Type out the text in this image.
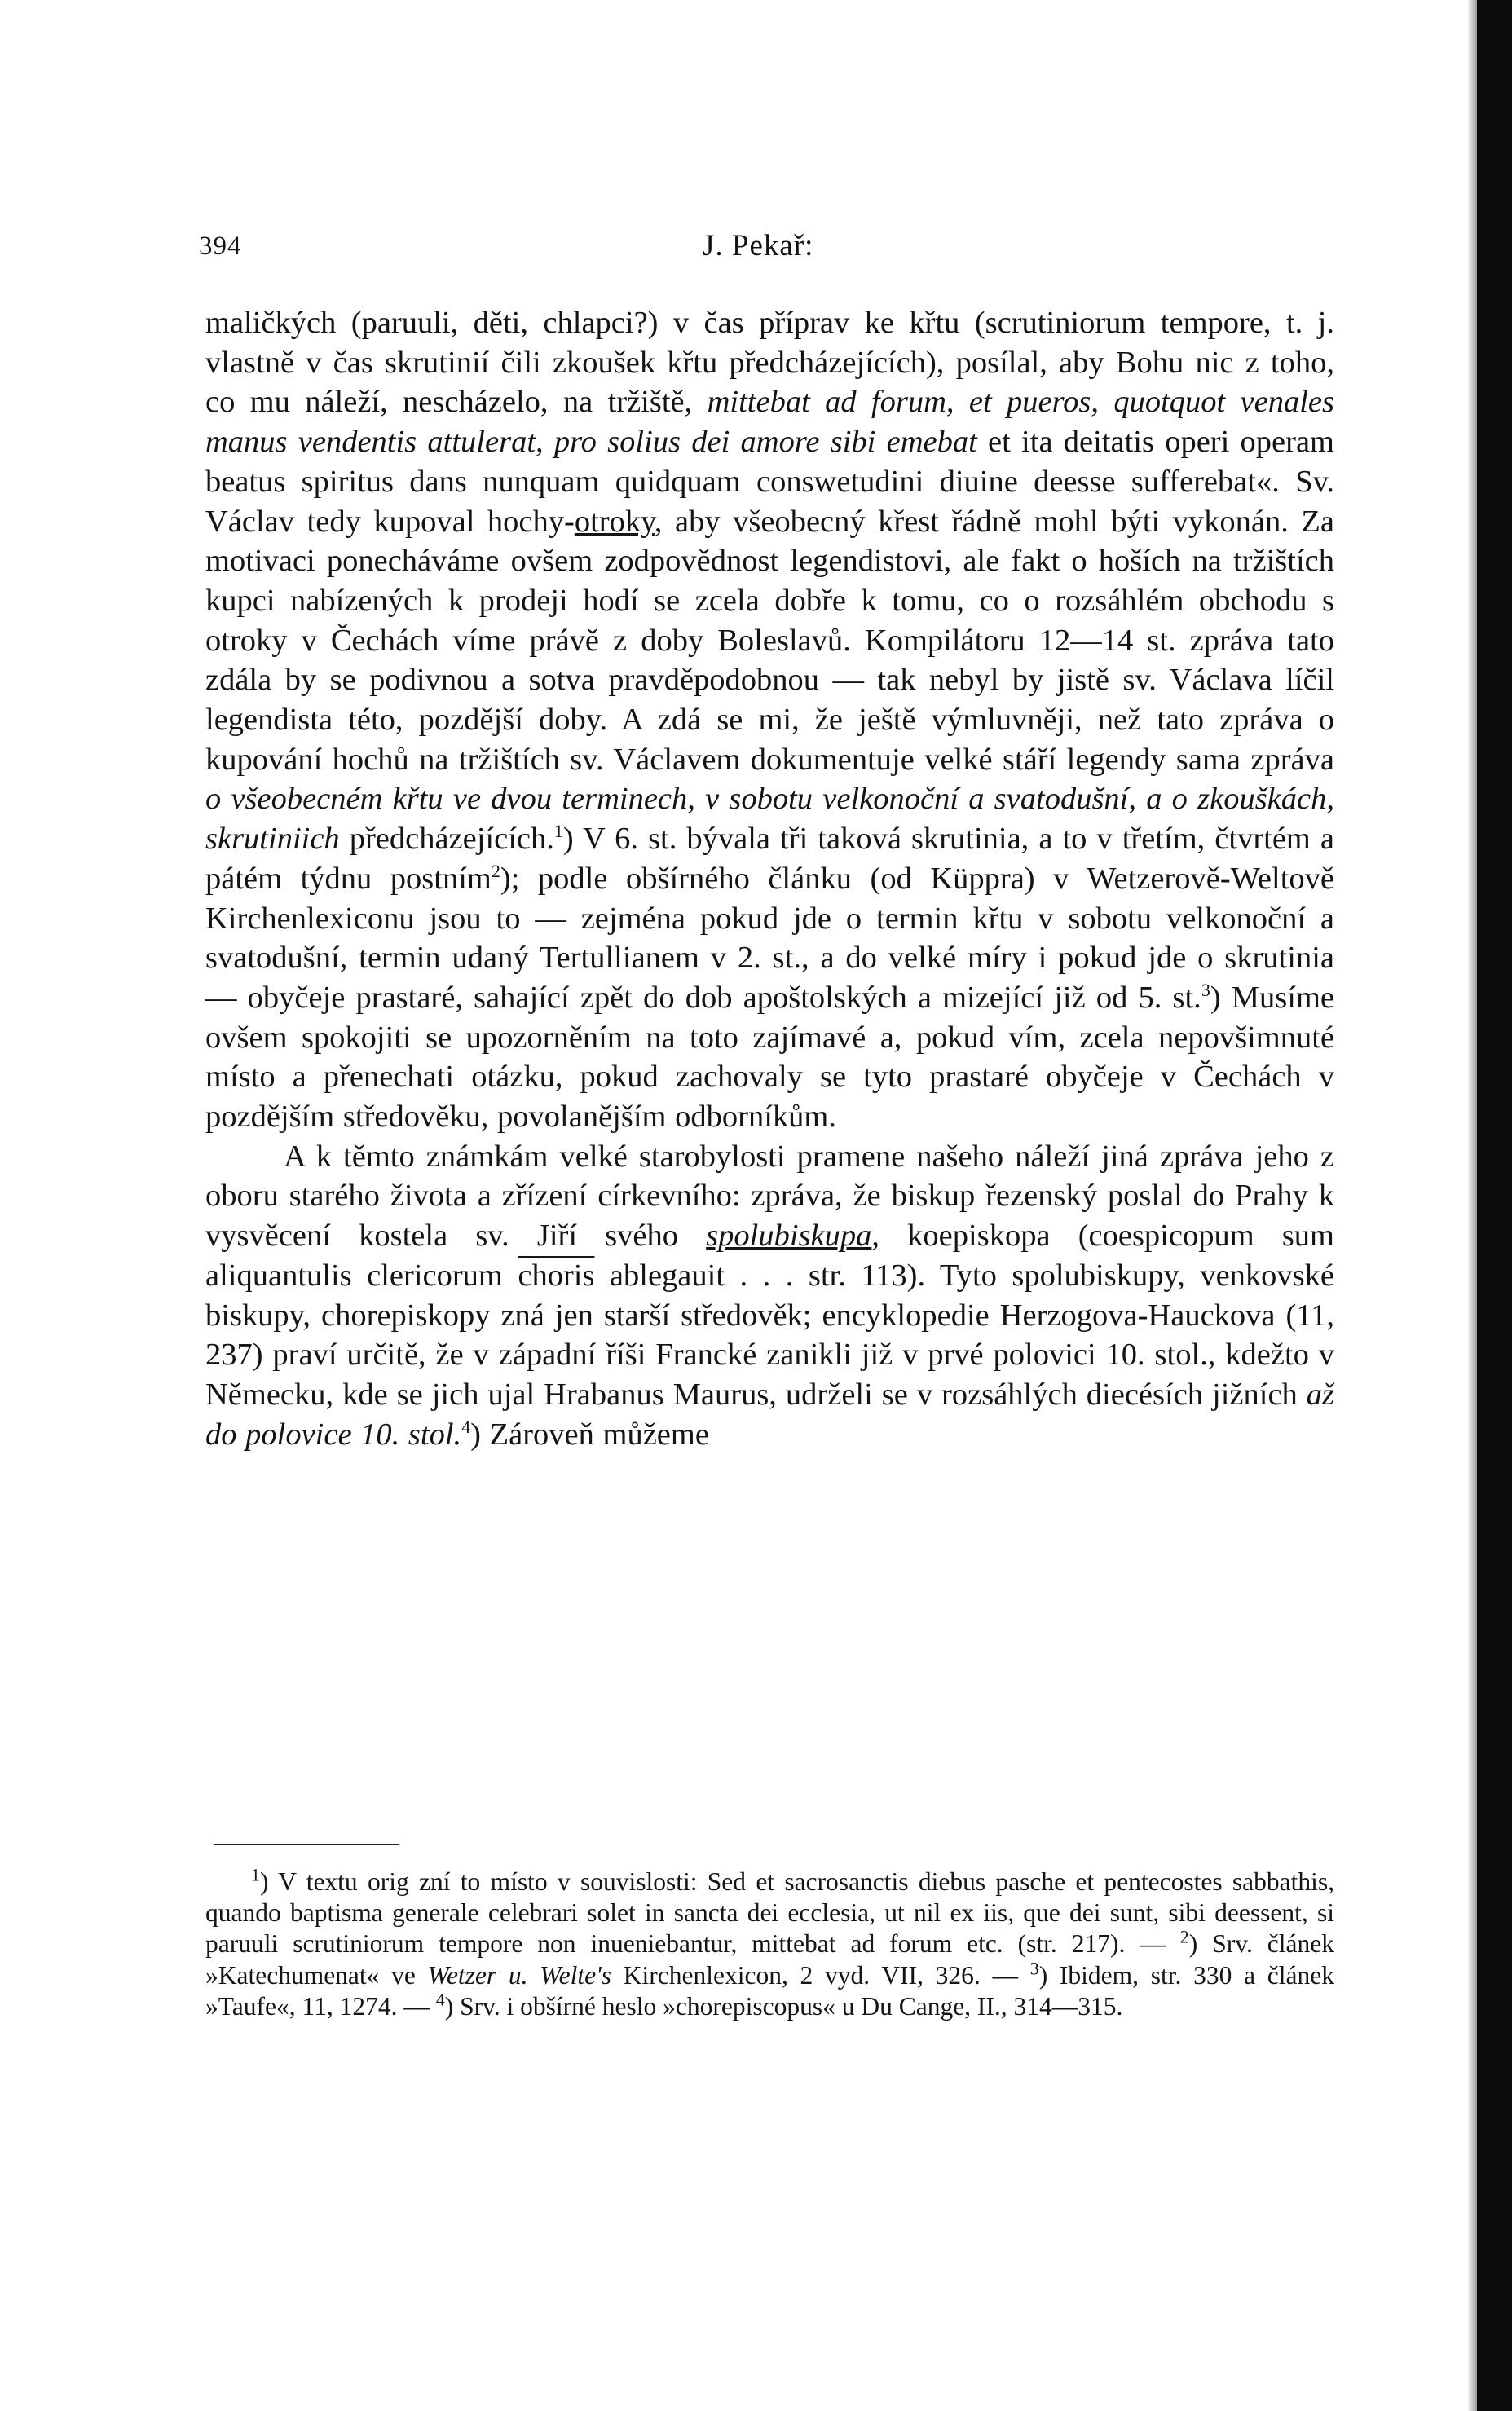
394	J. Pekař:

maličkých (paruuli, děti, chlapci?) v čas příprav ke křtu (scrutiniorum tempore, t. j. vlastně v čas skrutinií čili zkoušek křtu předcházejících), posílal, aby Bohu nic z toho, co mu náleží, nescházelo, na tržiště, mittebat ad forum, et pueros, quotquot venales manus vendentis attulerat, pro solius dei amore sibi emebat et ita deitatis operi operam beatus spiritus dans nunquam quidquam conswetudini diuine deesse sufferebat«. Sv. Václav tedy kupoval hochy-otroky, aby všeobecný křest řádně mohl býti vykonán. Za motivaci ponecháváme ovšem zodpovědnost legendistovi, ale fakt o hoších na tržištích kupci nabízených k prodeji hodí se zcela dobře k tomu, co o rozsáhlém obchodu s otroky v Čechách víme právě z doby Boleslavů. Kompilátoru 12—14 st. zpráva tato zdála by se podivnou a sotva pravděpodobnou — tak nebyl by jistě sv. Václava líčil legendista této, pozdější doby. A zdá se mi, že ještě výmluvněji, než tato zpráva o kupování hochů na tržištích sv. Václavem dokumentuje velké stáří legendy sama zpráva o všeobecném křtu ve dvou terminech, v sobotu velkonoční a svatodušní, a o zkouškách, skrutiniich předcházejících.$^1$) V 6. st. bývala tři taková skrutinia, a to v třetím, čtvrtém a pátém týdnu postním$^2$); podle obšírného článku (od Küppra) v Wetzerově-Weltově Kirchenlexiconu jsou to — zejména pokud jde o termin křtu v sobotu velkonoční a svatodušní, termin udaný Tertullianem v 2. st., a do velké míry i pokud jde o skrutinia — obyčeje prastaré, sahající zpět do dob apoštolských a mizející již od 5. st.$^3$) Musíme ovšem spokojiti se upozorněním na toto zajímavé a, pokud vím, zcela nepovšimnuté místo a přenechati otázku, pokud zachovaly se tyto prastaré obyčeje v Čechách v pozdějším středověku, povolanějším odborníkům.

A k těmto známkám velké starobylosti pramene našeho náleží jiná zpráva jeho z oboru starého života a zřízení církevního: zpráva, že biskup řezenský poslal do Prahy k vysvěcení kostela sv. Jiří svého spolubiskupa, koepiskopa (coespicopum sum aliquantulis clericorum choris ablegauit . . . str. 113). Tyto spolubiskupy, venkovské biskupy, chorepiskopy zná jen starší středověk; encyklopedie Herzogova-Hauckova (11, 237) praví určitě, že v západní říši Francké zanikli již v prvé polovici 10. stol., kdežto v Německu, kde se jich ujal Hrabanus Maurus, udrželi se v rozsáhlých diecésích jižních až do polovice 10. stol.$^4$) Zároveň můžeme

$^1$) V textu orig zní to místo v souvislosti: Sed et sacrosanctis diebus pasche et pentecostes sabbathis, quando baptisma generale celebrari solet in sancta dei ecclesia, ut nil ex iis, que dei sunt, sibi deessent, si paruuli scrutiniorum tempore non inueniebantur, mittebat ad forum etc. (str. 217). — $^2$) Srv. článek »Katechumenat« ve Wetzer u. Welte's Kirchenlexicon, 2 vyd. VII, 326. — $^3$) Ibidem, str. 330 a článek »Taufe«, 11, 1274. — $^4$) Srv. i obšírné heslo »chorepiscopus« u Du Cange, II., 314—315.
